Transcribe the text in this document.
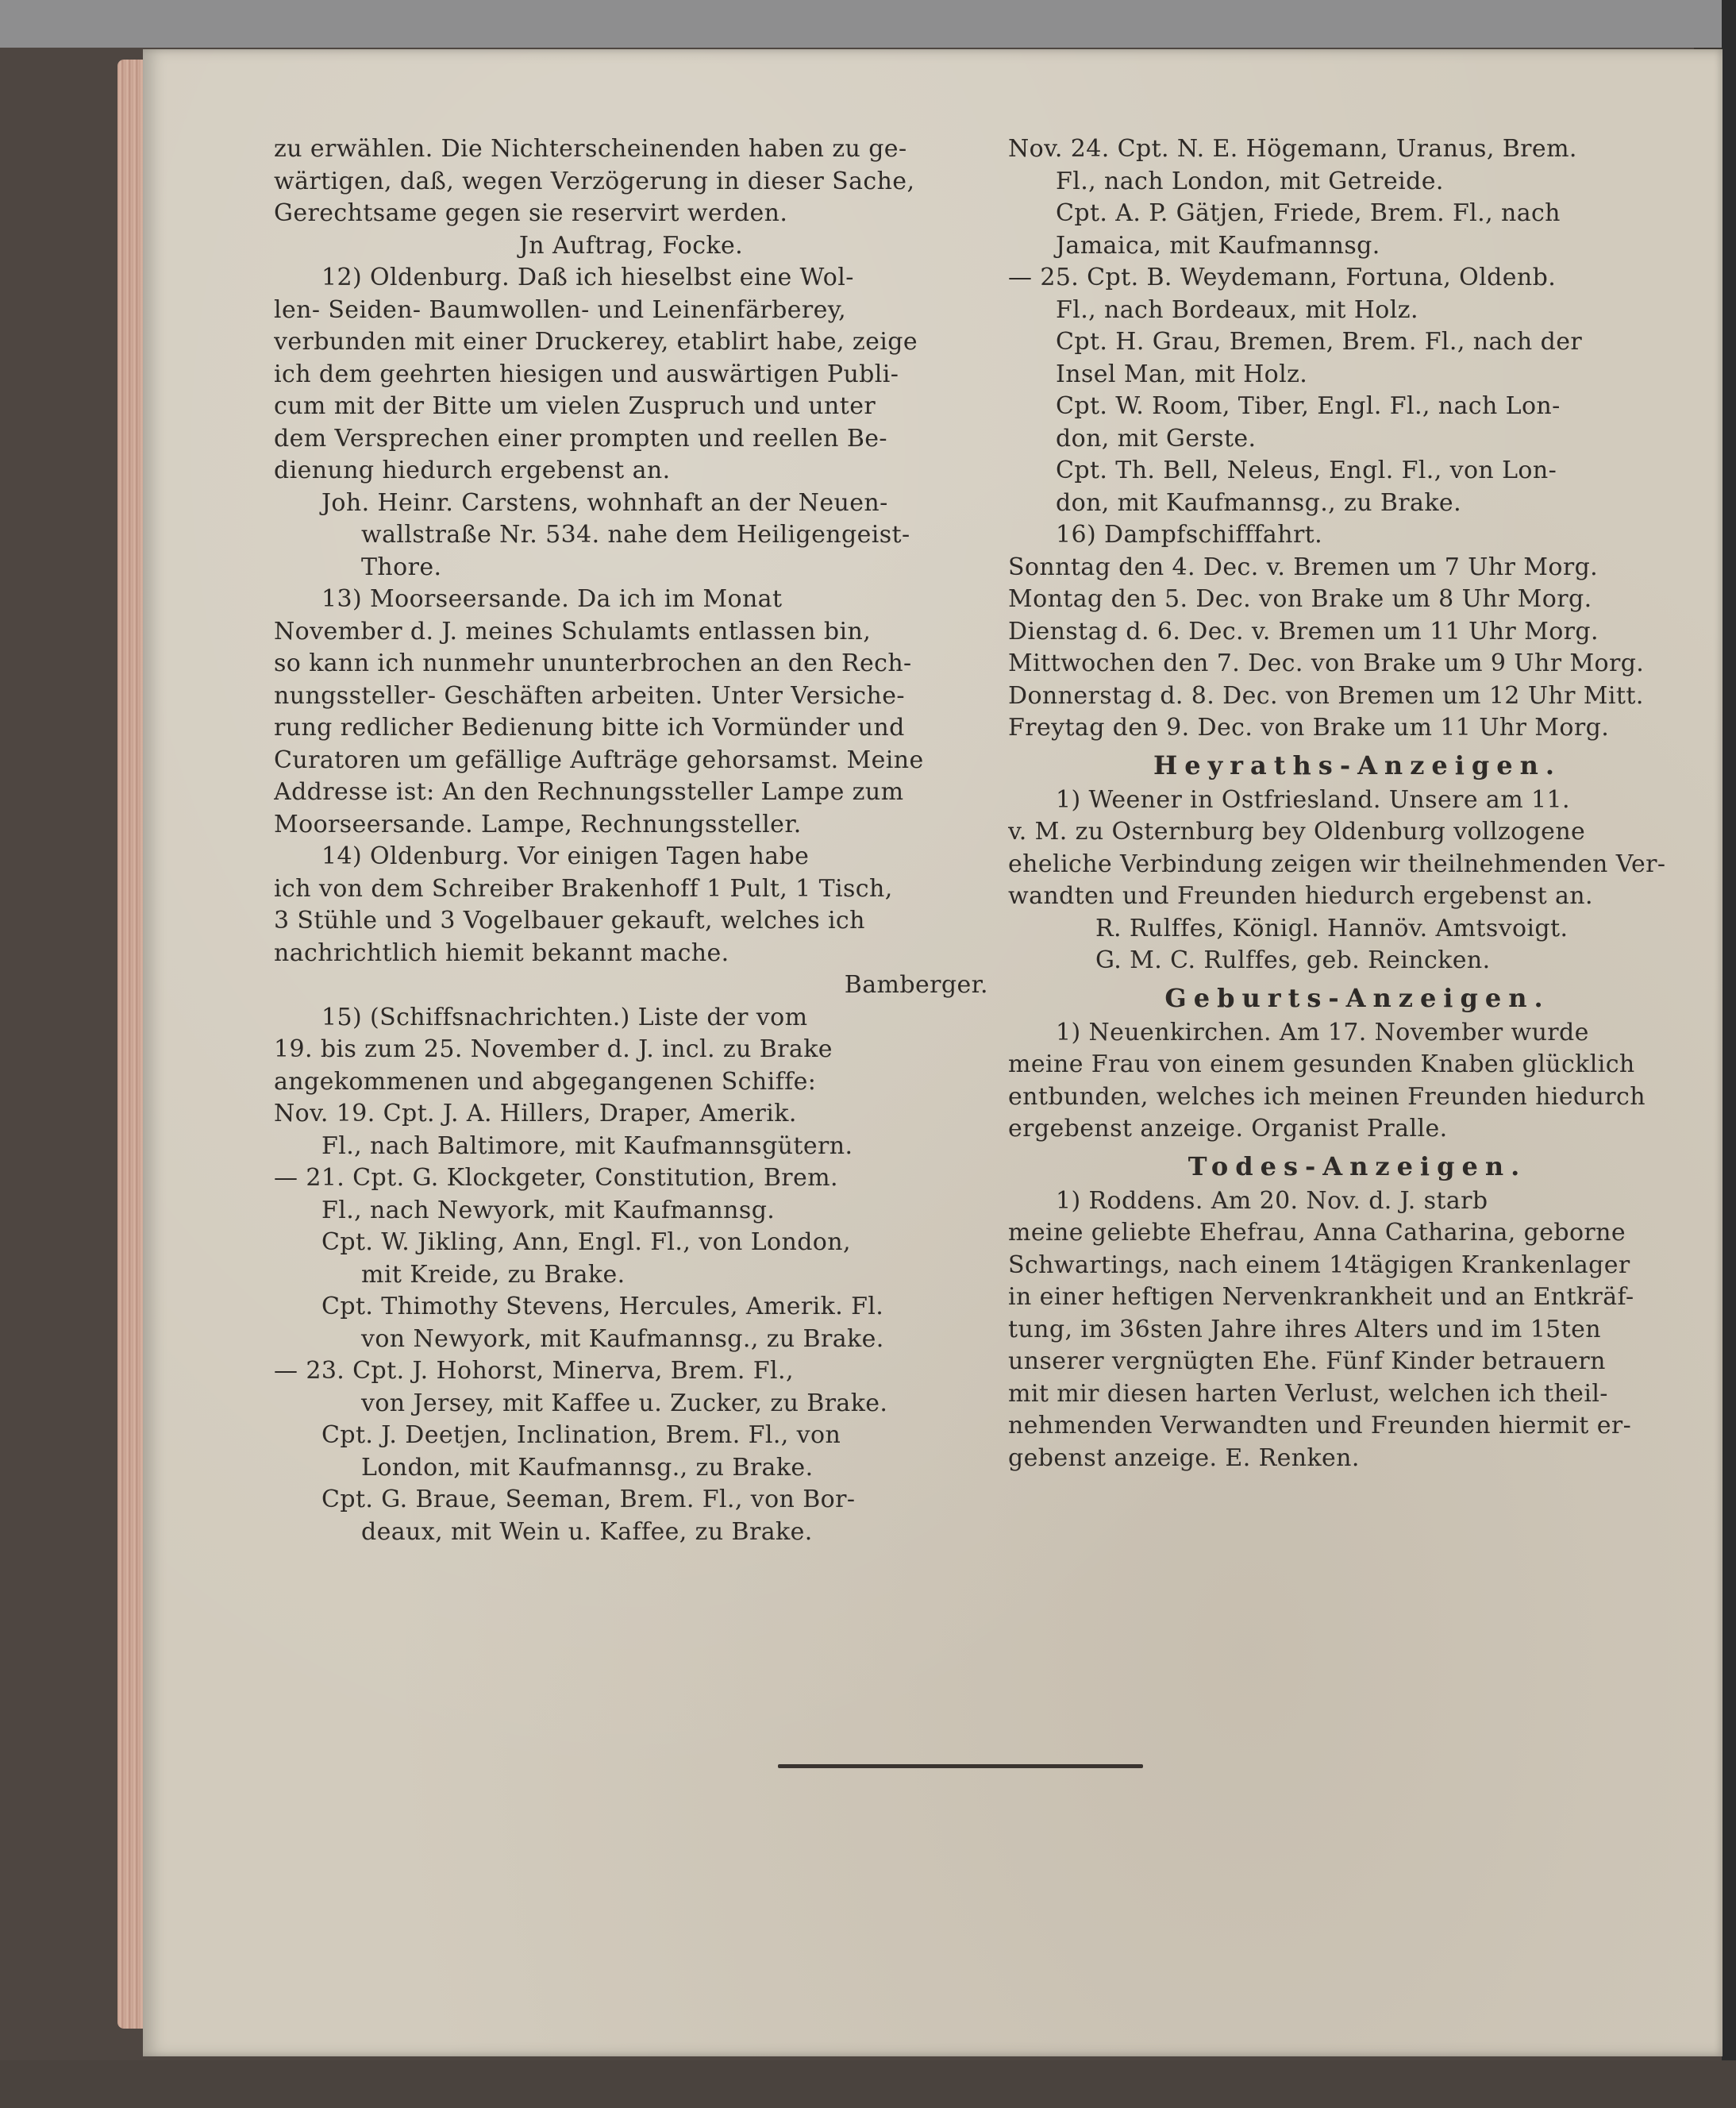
zu erwählen. Die Nichterscheinenden haben zu ge-
wärtigen, daß, wegen Verzögerung in dieser Sache,
Gerechtsame gegen sie reservirt werden.
Jn Auftrag, Focke.
12) Oldenburg. Daß ich hieselbst eine Wol-
len- Seiden- Baumwollen- und Leinenfärberey,
verbunden mit einer Druckerey, etablirt habe, zeige
ich dem geehrten hiesigen und auswärtigen Publi-
cum mit der Bitte um vielen Zuspruch und unter
dem Versprechen einer prompten und reellen Be-
dienung hiedurch ergebenst an.
Joh. Heinr. Carstens, wohnhaft an der Neuen-
wallstraße Nr. 534. nahe dem Heiligengeist-
Thore.
13) Moorseersande. Da ich im Monat
November d. J. meines Schulamts entlassen bin,
so kann ich nunmehr ununterbrochen an den Rech-
nungssteller- Geschäften arbeiten. Unter Versiche-
rung redlicher Bedienung bitte ich Vormünder und
Curatoren um gefällige Aufträge gehorsamst. Meine
Addresse ist: An den Rechnungssteller Lampe zum
Moorseersande. Lampe, Rechnungssteller.
14) Oldenburg. Vor einigen Tagen habe
ich von dem Schreiber Brakenhoff 1 Pult, 1 Tisch,
3 Stühle und 3 Vogelbauer gekauft, welches ich
nachrichtlich hiemit bekannt mache.
Bamberger.
15) (Schiffsnachrichten.) Liste der vom
19. bis zum 25. November d. J. incl. zu Brake
angekommenen und abgegangenen Schiffe:
Nov. 19. Cpt. J. A. Hillers, Draper, Amerik.
Fl., nach Baltimore, mit Kaufmannsgütern.
— 21. Cpt. G. Klockgeter, Constitution, Brem.
Fl., nach Newyork, mit Kaufmannsg.
Cpt. W. Jikling, Ann, Engl. Fl., von London,
mit Kreide, zu Brake.
Cpt. Thimothy Stevens, Hercules, Amerik. Fl.
von Newyork, mit Kaufmannsg., zu Brake.
— 23. Cpt. J. Hohorst, Minerva, Brem. Fl.,
von Jersey, mit Kaffee u. Zucker, zu Brake.
Cpt. J. Deetjen, Inclination, Brem. Fl., von
London, mit Kaufmannsg., zu Brake.
Cpt. G. Braue, Seeman, Brem. Fl., von Bor-
deaux, mit Wein u. Kaffee, zu Brake.
Nov. 24. Cpt. N. E. Högemann, Uranus, Brem.
Fl., nach London, mit Getreide.
Cpt. A. P. Gätjen, Friede, Brem. Fl., nach
Jamaica, mit Kaufmannsg.
— 25. Cpt. B. Weydemann, Fortuna, Oldenb.
Fl., nach Bordeaux, mit Holz.
Cpt. H. Grau, Bremen, Brem. Fl., nach der
Insel Man, mit Holz.
Cpt. W. Room, Tiber, Engl. Fl., nach Lon-
don, mit Gerste.
Cpt. Th. Bell, Neleus, Engl. Fl., von Lon-
don, mit Kaufmannsg., zu Brake.
16) Dampfschifffahrt.
Sonntag den 4. Dec. v. Bremen um 7 Uhr Morg.
Montag den 5. Dec. von Brake um 8 Uhr Morg.
Dienstag d. 6. Dec. v. Bremen um 11 Uhr Morg.
Mittwochen den 7. Dec. von Brake um 9 Uhr Morg.
Donnerstag d. 8. Dec. von Bremen um 12 Uhr Mitt.
Freytag den 9. Dec. von Brake um 11 Uhr Morg.
Heyraths-Anzeigen.
1) Weener in Ostfriesland. Unsere am 11.
v. M. zu Osternburg bey Oldenburg vollzogene
eheliche Verbindung zeigen wir theilnehmenden Ver-
wandten und Freunden hiedurch ergebenst an.
R. Rulffes, Königl. Hannöv. Amtsvoigt.
G. M. C. Rulffes, geb. Reincken.
Geburts-Anzeigen.
1) Neuenkirchen. Am 17. November wurde
meine Frau von einem gesunden Knaben glücklich
entbunden, welches ich meinen Freunden hiedurch
ergebenst anzeige. Organist Pralle.
Todes-Anzeigen.
1) Roddens. Am 20. Nov. d. J. starb
meine geliebte Ehefrau, Anna Catharina, geborne
Schwartings, nach einem 14tägigen Krankenlager
in einer heftigen Nervenkrankheit und an Entkräf-
tung, im 36sten Jahre ihres Alters und im 15ten
unserer vergnügten Ehe. Fünf Kinder betrauern
mit mir diesen harten Verlust, welchen ich theil-
nehmenden Verwandten und Freunden hiermit er-
gebenst anzeige. E. Renken.
